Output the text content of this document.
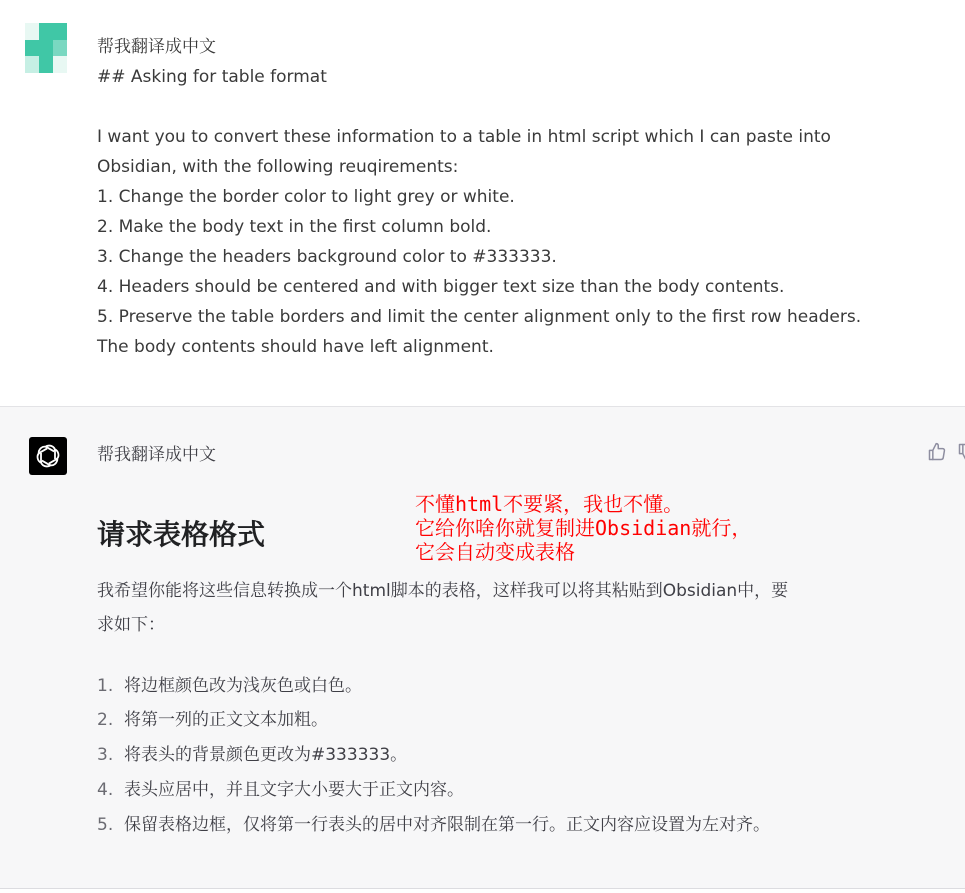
帮我翻译成中文
## Asking for table format
I want you to convert these information to a table in html script which I can paste into
Obsidian, with the following reuqirements:
1. Change the border color to light grey or white.
2. Make the body text in the first column bold.
3. Change the headers background color to #333333.
4. Headers should be centered and with bigger text size than the body contents.
5. Preserve the table borders and limit the center alignment only to the first row headers.
The body contents should have left alignment.
帮我翻译成中文
请求表格格式
我希望你能将这些信息转换成一个html脚本的表格，这样我可以将其粘贴到Obsidian中，要
求如下：
1. 将边框颜色改为浅灰色或白色。
2. 将第一列的正文文本加粗。
3. 将表头的背景颜色更改为#333333。
4. 表头应居中，并且文字大小要大于正文内容。
5. 保留表格边框，仅将第一行表头的居中对齐限制在第一行。正文内容应设置为左对齐。
不懂html不要紧，我也不懂。
它给你啥你就复制进Obsidian就行，
它会自动变成表格
